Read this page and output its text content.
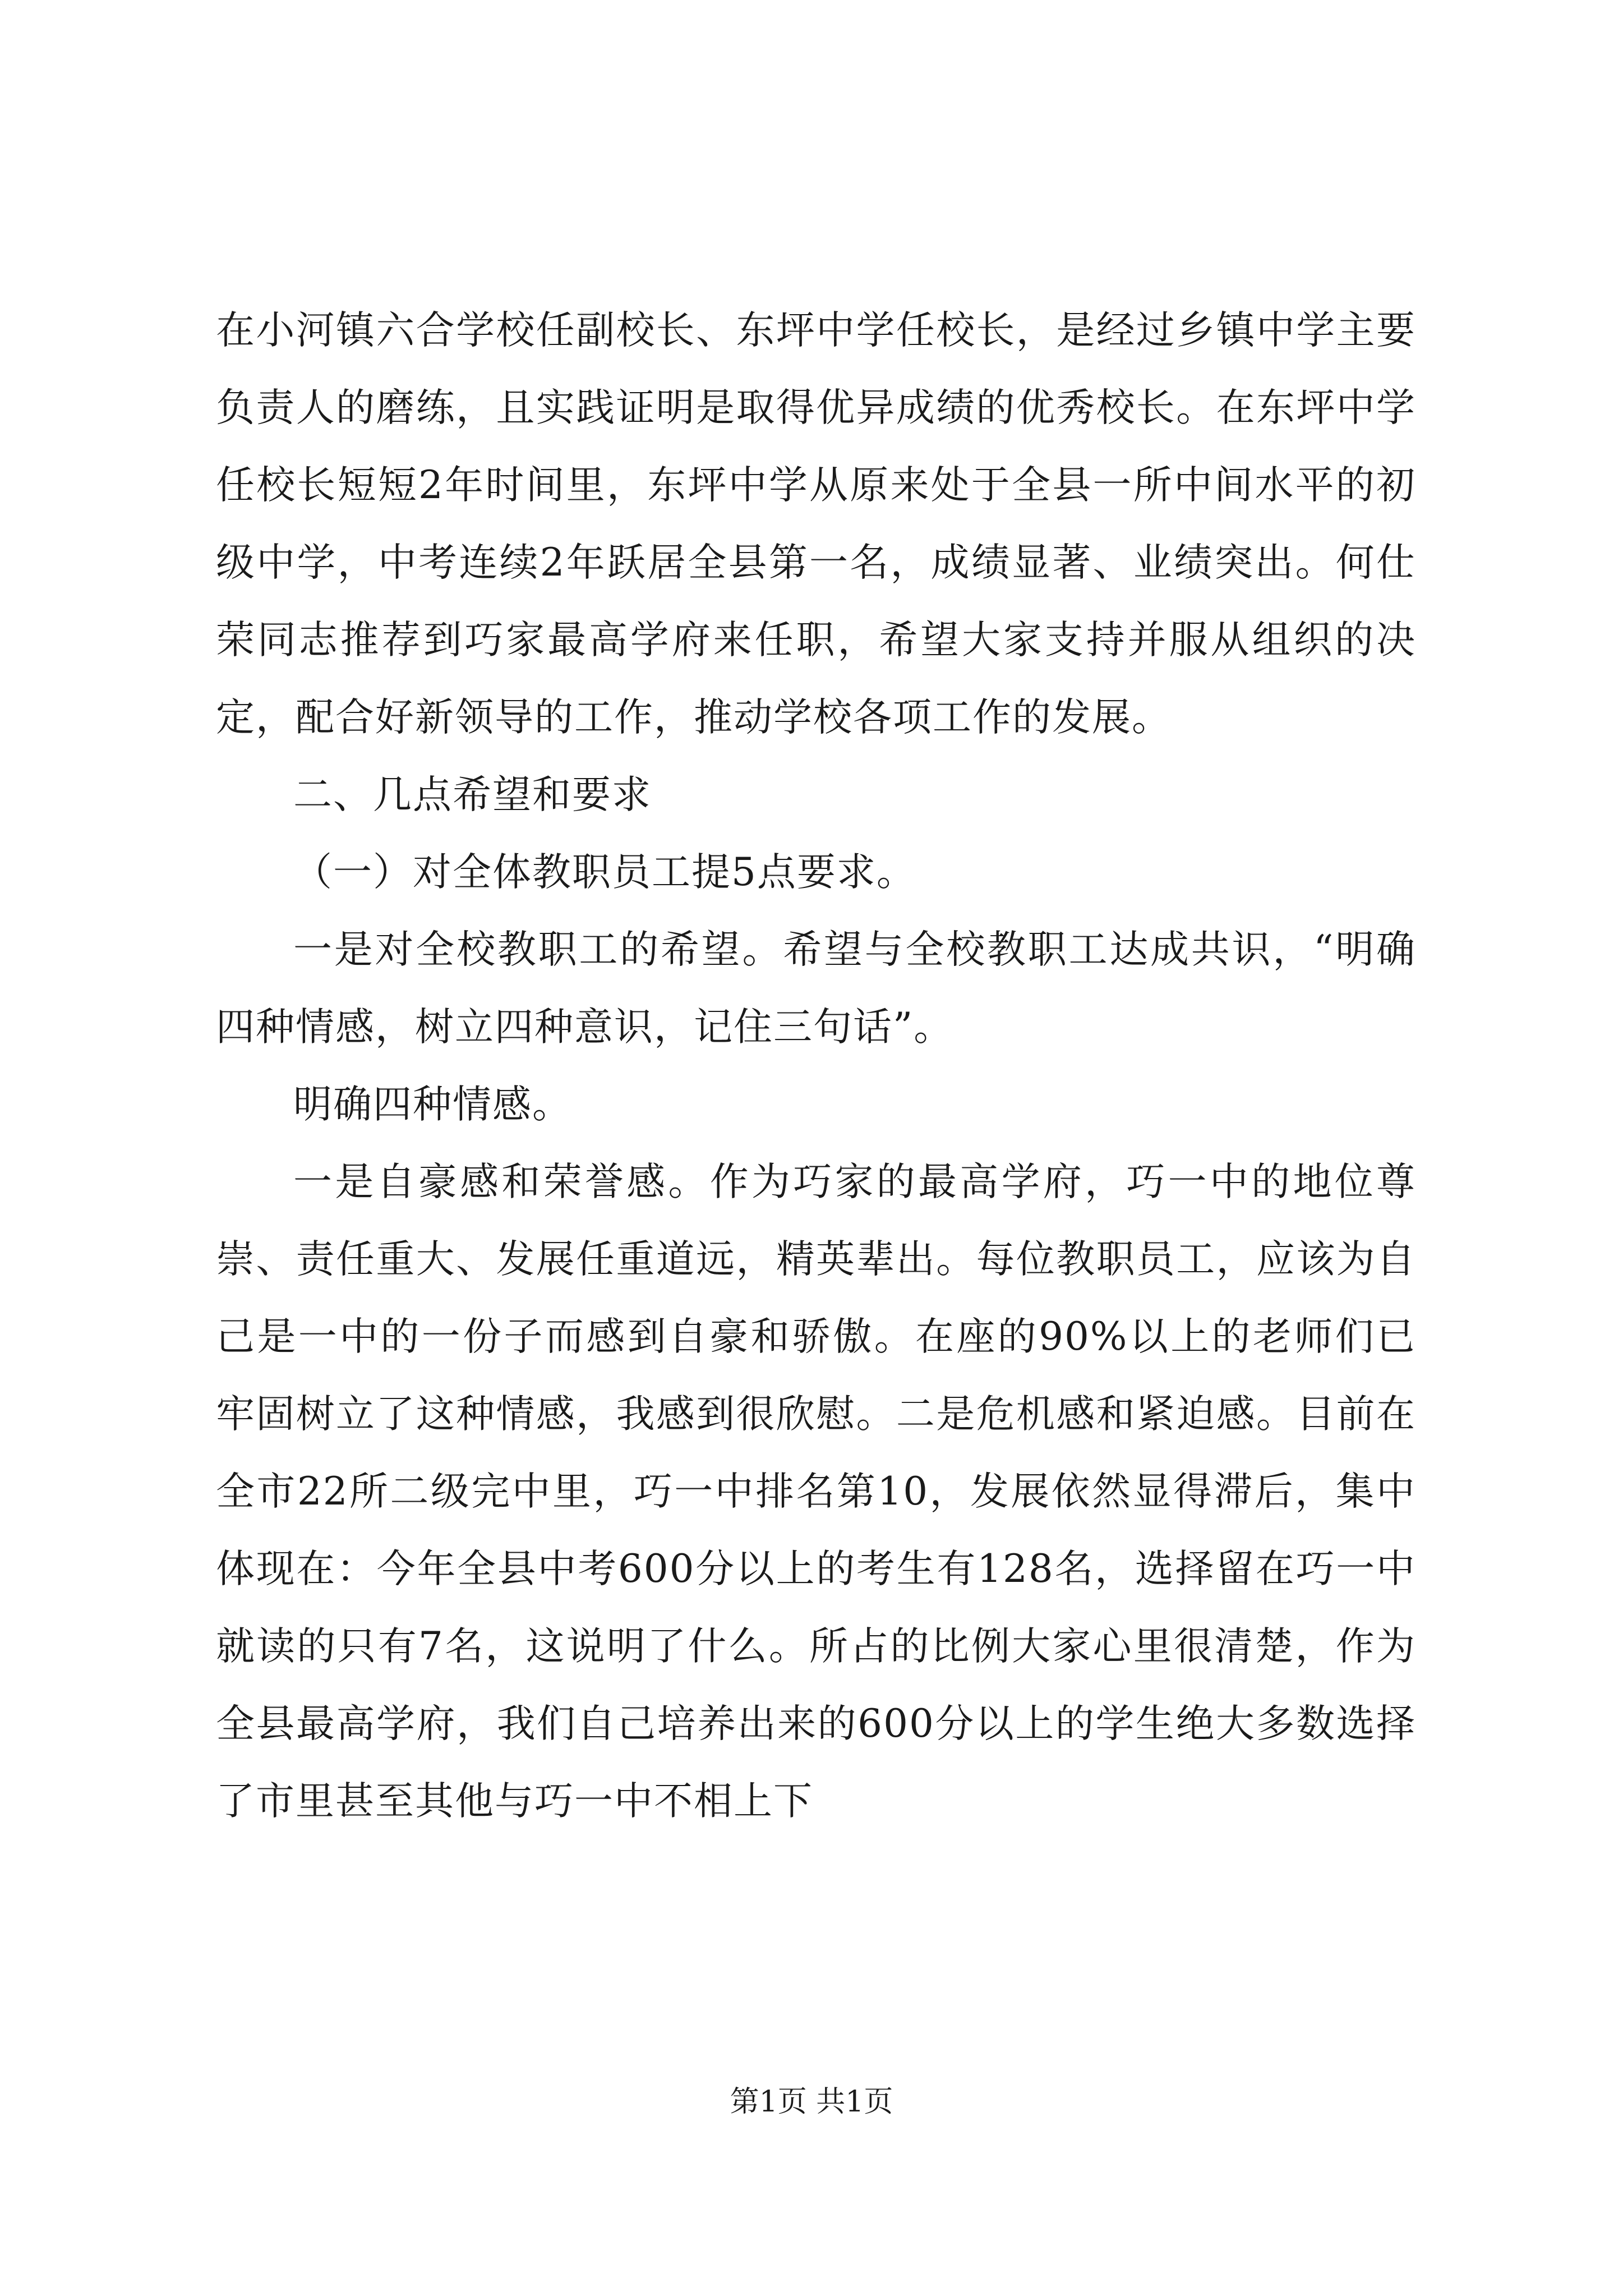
在小河镇六合学校任副校长、东坪中学任校长，是经过乡镇中学主要负责人的磨练，且实践证明是取得优异成绩的优秀校长。在东坪中学任校长短短2年时间里，东坪中学从原来处于全县一所中间水平的初级中学，中考连续2年跃居全县第一名，成绩显著、业绩突出。何仕荣同志推荐到巧家最高学府来任职，希望大家支持并服从组织的决定，配合好新领导的工作，推动学校各项工作的发展。

二、几点希望和要求

（一）对全体教职员工提5点要求。

一是对全校教职工的希望。希望与全校教职工达成共识，“明确四种情感，树立四种意识，记住三句话”。

明确四种情感。

一是自豪感和荣誉感。作为巧家的最高学府，巧一中的地位尊崇、责任重大、发展任重道远，精英辈出。每位教职员工，应该为自己是一中的一份子而感到自豪和骄傲。在座的90%以上的老师们已牢固树立了这种情感，我感到很欣慰。二是危机感和紧迫感。目前在全市22所二级完中里，巧一中排名第10，发展依然显得滞后，集中体现在：今年全县中考600分以上的考生有128名，选择留在巧一中就读的只有7名，这说明了什么。所占的比例大家心里很清楚，作为全县最高学府，我们自己培养出来的600分以上的学生绝大多数选择了市里甚至其他与巧一中不相上下

第1页 共1页
